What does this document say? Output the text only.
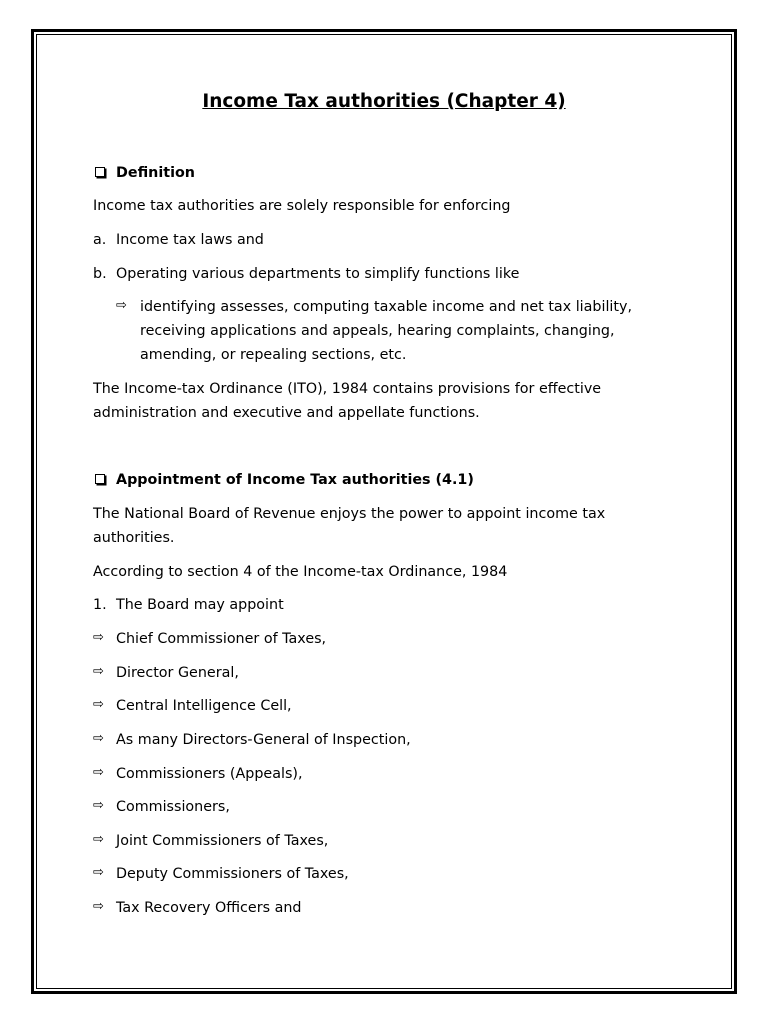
Income Tax authorities (Chapter 4)
Definition
Income tax authorities are solely responsible for enforcing
a. Income tax laws and
b. Operating various departments to simplify functions like
⇨ identifying assesses, computing taxable income and net tax liability,
receiving applications and appeals, hearing complaints, changing,
amending, or repealing sections, etc.
The Income-tax Ordinance (ITO), 1984 contains provisions for effective
administration and executive and appellate functions.
Appointment of Income Tax authorities (4.1)
The National Board of Revenue enjoys the power to appoint income tax
authorities.
According to section 4 of the Income-tax Ordinance, 1984
1. The Board may appoint
⇨ Chief Commissioner of Taxes,
⇨ Director General,
⇨ Central Intelligence Cell,
⇨ As many Directors-General of Inspection,
⇨ Commissioners (Appeals),
⇨ Commissioners,
⇨ Joint Commissioners of Taxes,
⇨ Deputy Commissioners of Taxes,
⇨ Tax Recovery Officers and
